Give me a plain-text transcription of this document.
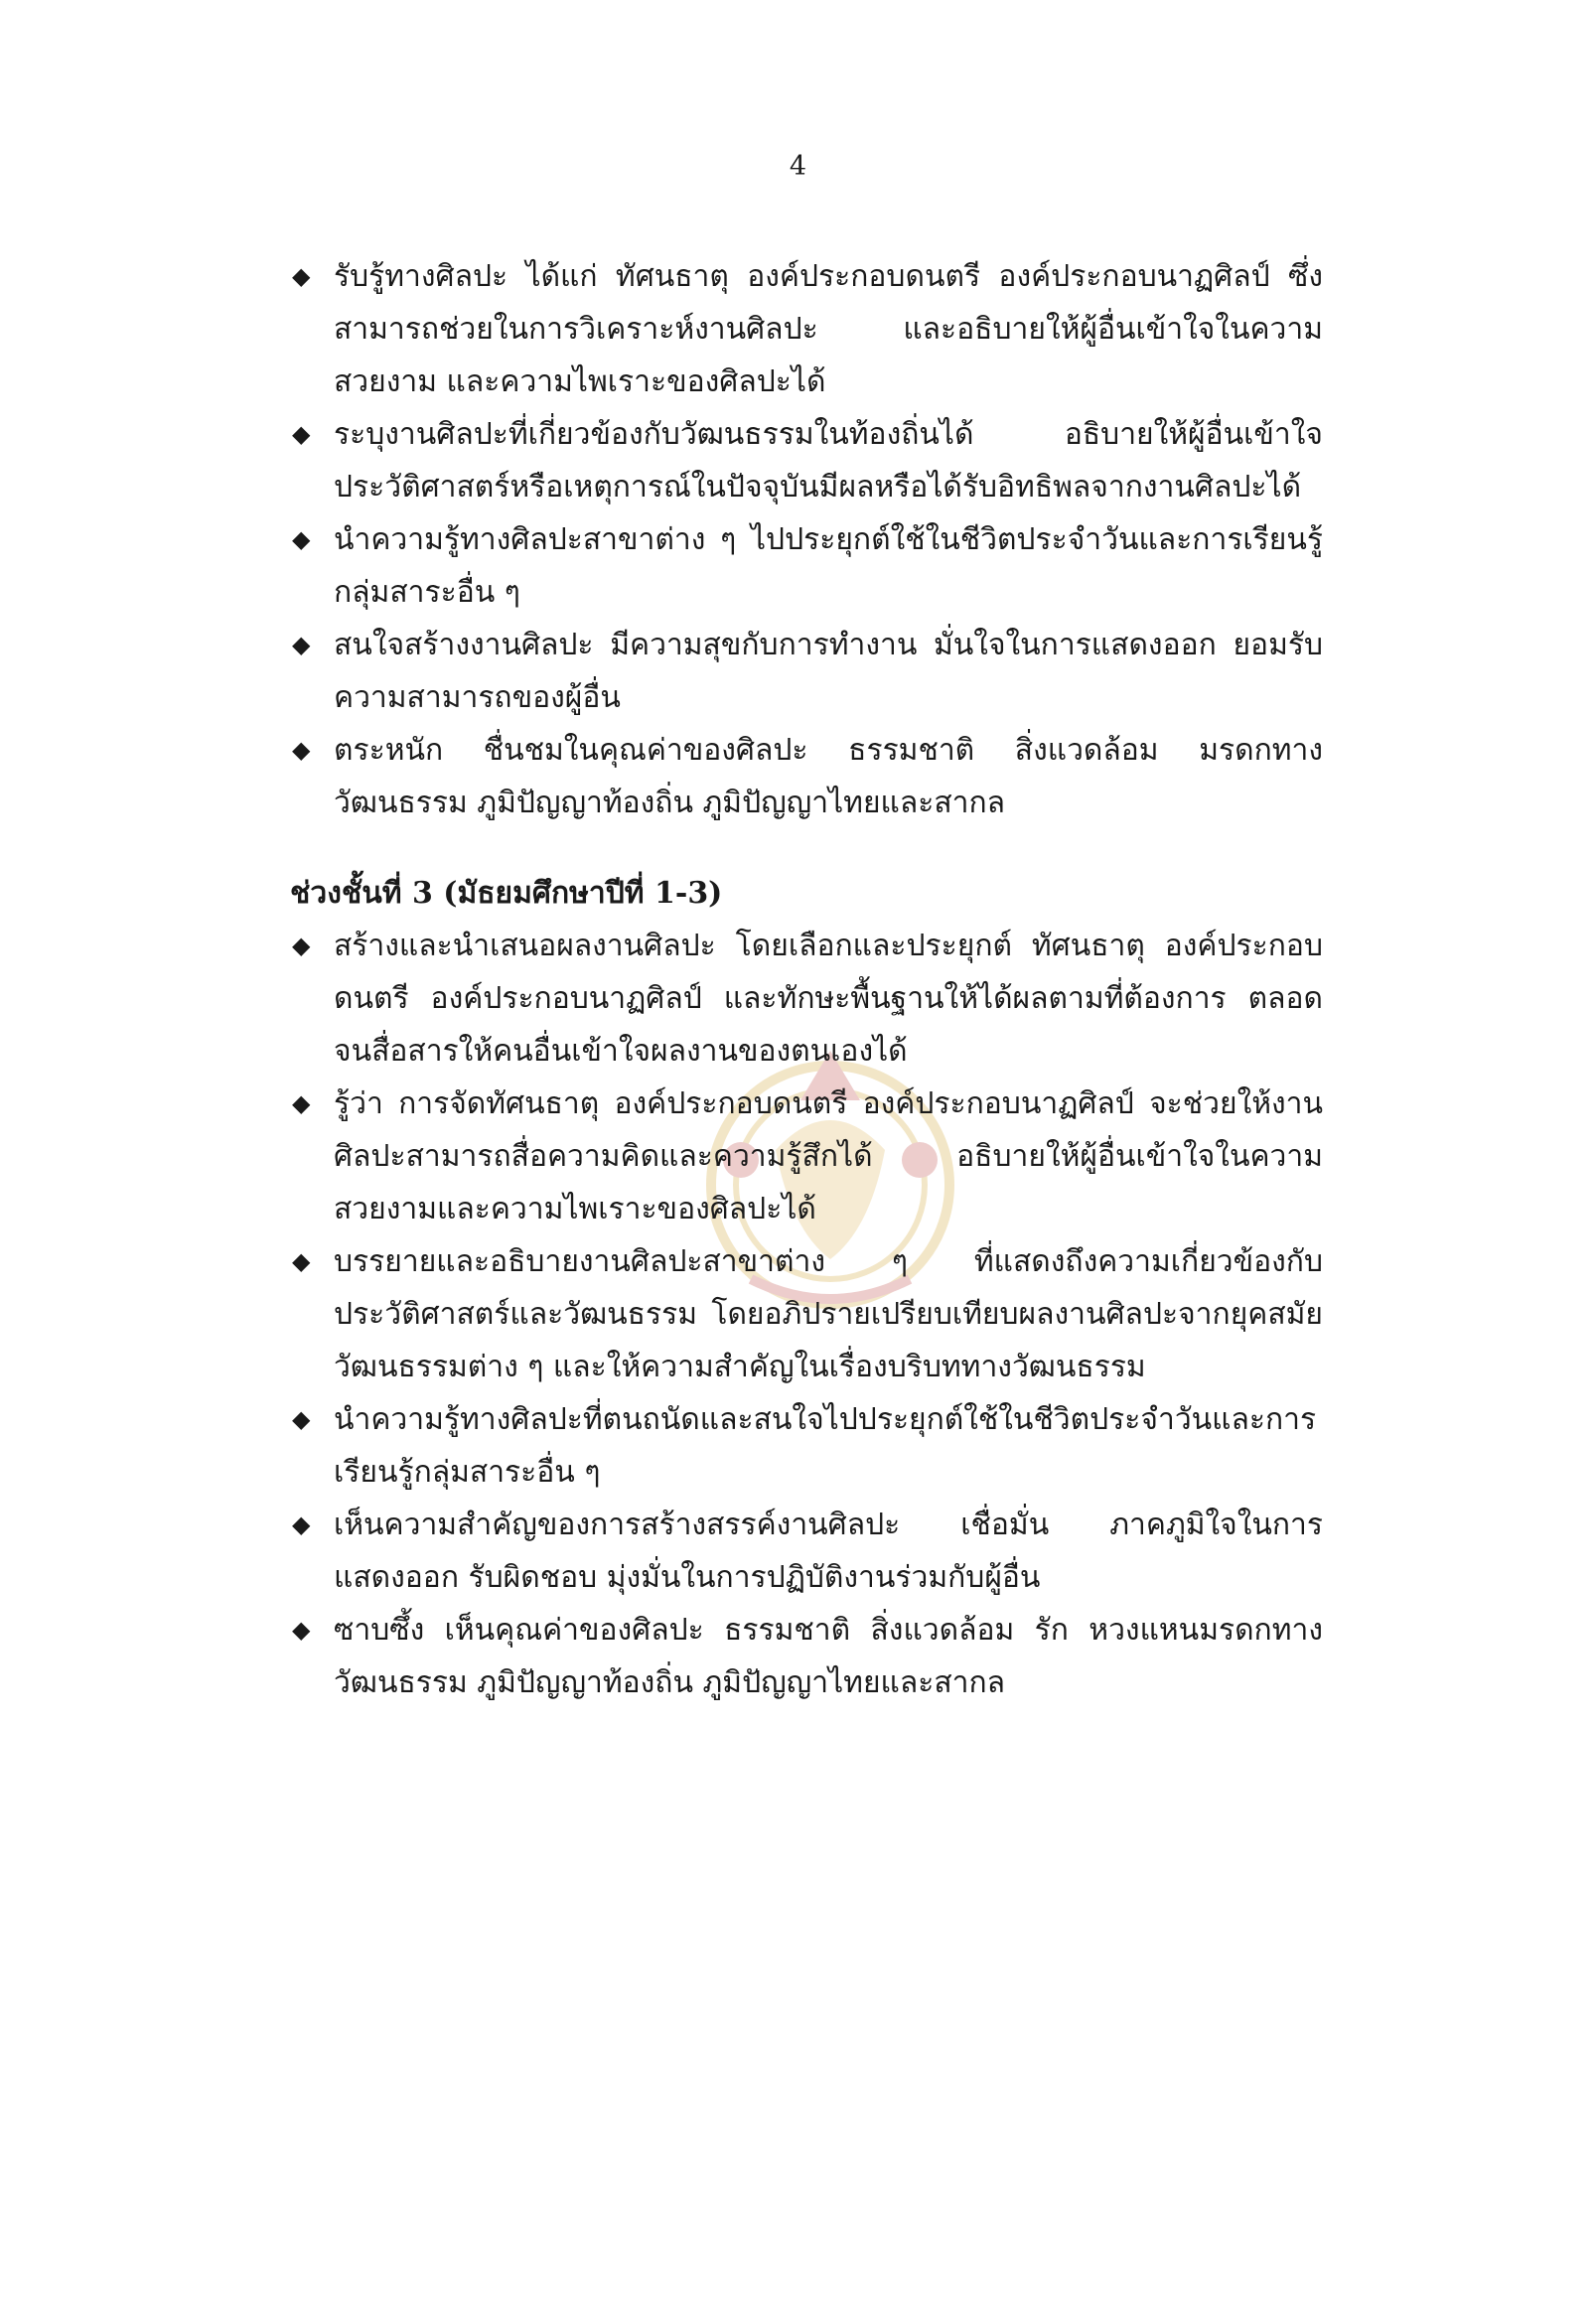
4
◆ รับรู้ทางศิลปะ ได้แก่ ทัศนธาตุ องค์ประกอบดนตรี องค์ประกอบนาฏศิลป์ ซึ่งสามารถช่วยในการวิเคราะห์งานศิลปะ และอธิบายให้ผู้อื่นเข้าใจในความสวยงาม และความไพเราะของศิลปะได้
◆ ระบุงานศิลปะที่เกี่ยวข้องกับวัฒนธรรมในท้องถิ่นได้ อธิบายให้ผู้อื่นเข้าใจประวัติศาสตร์หรือเหตุการณ์ในปัจจุบันมีผลหรือได้รับอิทธิพลจากงานศิลปะได้
◆ นำความรู้ทางศิลปะสาขาต่าง ๆ ไปประยุกต์ใช้ในชีวิตประจำวันและการเรียนรู้กลุ่มสาระอื่น ๆ
◆ สนใจสร้างงานศิลปะ มีความสุขกับการทำงาน มั่นใจในการแสดงออก ยอมรับความสามารถของผู้อื่น
◆ ตระหนัก ชื่นชมในคุณค่าของศิลปะ ธรรมชาติ สิ่งแวดล้อม มรดกทางวัฒนธรรม ภูมิปัญญาท้องถิ่น ภูมิปัญญาไทยและสากล
ช่วงชั้นที่ 3 (มัธยมศึกษาปีที่ 1-3)
◆ สร้างและนำเสนอผลงานศิลปะ โดยเลือกและประยุกต์ ทัศนธาตุ องค์ประกอบดนตรี องค์ประกอบนาฏศิลป์ และทักษะพื้นฐานให้ได้ผลตามที่ต้องการ ตลอดจนสื่อสารให้คนอื่นเข้าใจผลงานของตนเองได้
◆ รู้ว่า การจัดทัศนธาตุ องค์ประกอบดนตรี องค์ประกอบนาฏศิลป์ จะช่วยให้งานศิลปะสามารถสื่อความคิดและความรู้สึกได้ อธิบายให้ผู้อื่นเข้าใจในความสวยงามและความไพเราะของศิลปะได้
◆ บรรยายและอธิบายงานศิลปะสาขาต่าง ๆ ที่แสดงถึงความเกี่ยวข้องกับประวัติศาสตร์และวัฒนธรรม โดยอภิปรายเปรียบเทียบผลงานศิลปะจากยุคสมัยวัฒนธรรมต่าง ๆ และให้ความสำคัญในเรื่องบริบททางวัฒนธรรม
◆ นำความรู้ทางศิลปะที่ตนถนัดและสนใจไปประยุกต์ใช้ในชีวิตประจำวันและการเรียนรู้กลุ่มสาระอื่น ๆ
◆ เห็นความสำคัญของการสร้างสรรค์งานศิลปะ เชื่อมั่น ภาคภูมิใจในการแสดงออก รับผิดชอบ มุ่งมั่นในการปฏิบัติงานร่วมกับผู้อื่น
◆ ซาบซึ้ง เห็นคุณค่าของศิลปะ ธรรมชาติ สิ่งแวดล้อม รัก หวงแหนมรดกทางวัฒนธรรม ภูมิปัญญาท้องถิ่น ภูมิปัญญาไทยและสากล
